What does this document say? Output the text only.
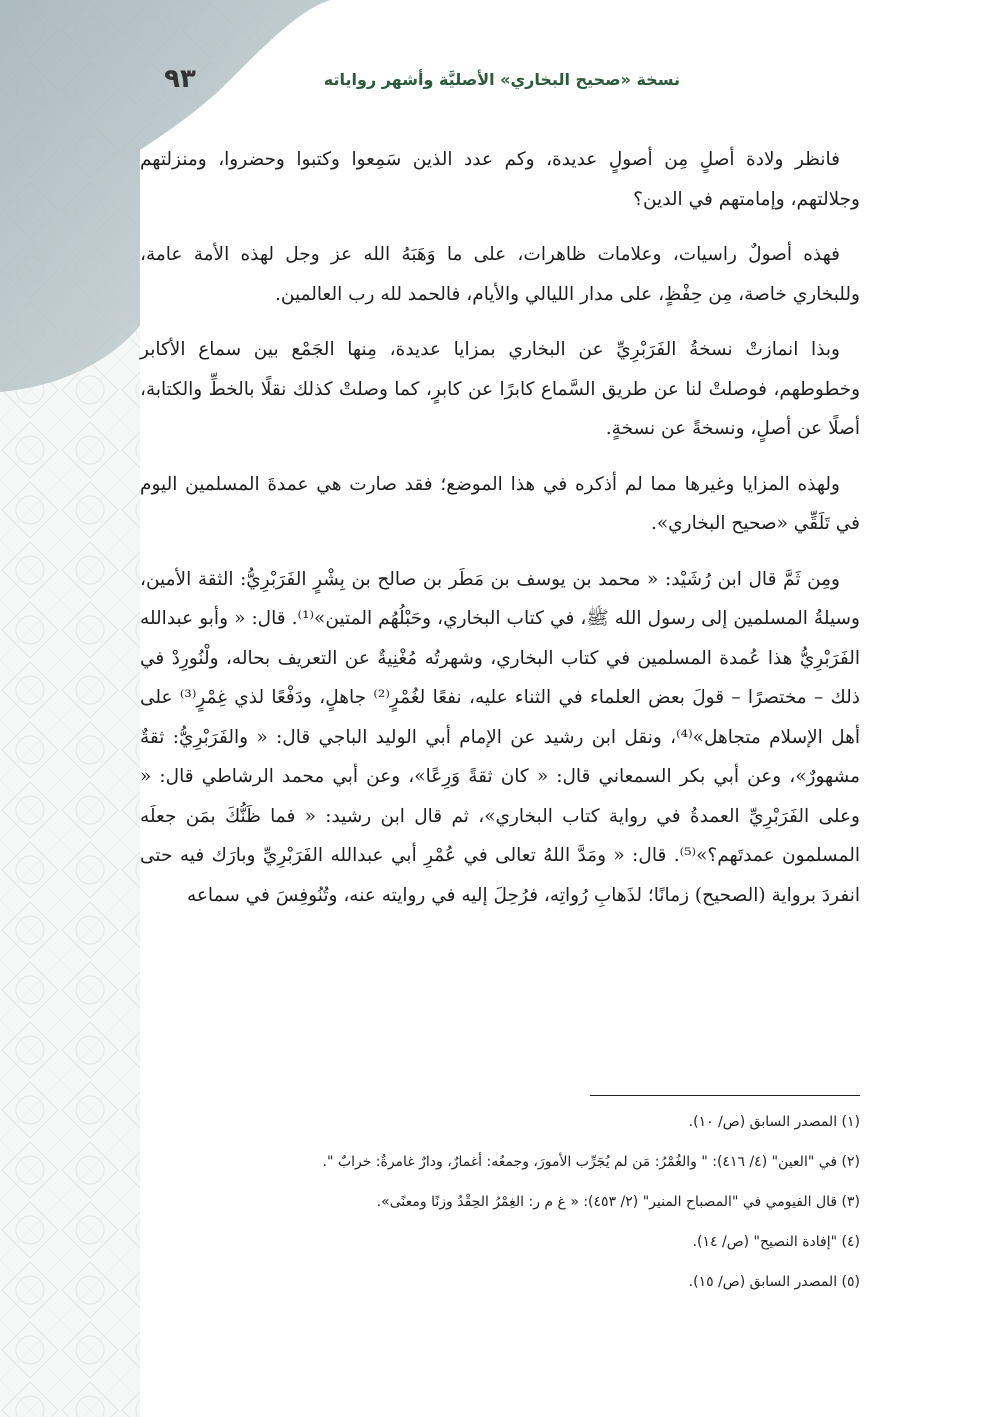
٩٣	نسخة «صحيح البخاري» الأصليَّة وأشهر رواياته

فانظر ولادة أصلٍ مِن أصولٍ عديدة، وكم عدد الذين سَمِعوا وكتبوا وحضروا، ومنزلتهم وجلالتهم، وإمامتهم في الدين؟

فهذه أصولٌ راسيات، وعلامات ظاهرات، على ما وَهَبَهُ الله عز وجل لهذه الأمة عامة، وللبخاري خاصة، مِن حِفْظٍ، على مدار الليالي والأيام، فالحمد لله رب العالمين.

وبذا انمازتْ نسخةُ الفَرَبْرِيِّ عن البخاري بمزايا عديدة، مِنها الجَمْع بين سماع الأكابر وخطوطهم، فوصلتْ لنا عن طريق السَّماع كابرًا عن كابرٍ، كما وصلتْ كذلك نقلًا بالخطِّ والكتابة، أصلًا عن أصلٍ، ونسخةً عن نسخةٍ.

ولهذه المزايا وغيرها مما لم أذكره في هذا الموضع؛ فقد صارت هي عمدةَ المسلمين اليوم في تَلَقِّي «صحيح البخاري».

ومِن ثَمَّ قال ابن رُشَيْد: « محمد بن يوسف بن مَطَر بن صالح بن بِشْرٍ الفَرَبْرِيُّ: الثقة الأمين، وسيلةُ المسلمين إلى رسول الله ﷺ، في كتاب البخاري، وحَبْلُهُم المتين»⁽¹⁾. قال: « وأبو عبدالله الفَرَبْرِيُّ هذا عُمدة المسلمين في كتاب البخاري، وشهرتُه مُغْنِيةٌ عن التعريف بحاله، ولْنُورِدْ في ذلك – مختصرًا – قولَ بعض العلماء في الثناء عليه، نفعًا لغُمْرٍ⁽²⁾ جاهلٍ، ودَفْعًا لذي غِمْرٍ⁽³⁾ على أهل الإسلام متجاهل»⁽⁴⁾، ونقل ابن رشيد عن الإمام أبي الوليد الباجي قال: « والفَرَبْرِيُّ: ثقةٌ مشهورٌ»، وعن أبي بكر السمعاني قال: « كان ثقةً وَرِعًا»، وعن أبي محمد الرشاطي قال: « وعلى الفَرَبْرِيِّ العمدةُ في رواية كتاب البخاري»، ثم قال ابن رشيد: « فما ظَنُّكَ بمَن جعلَه المسلمون عمدتَهم؟»⁽⁵⁾. قال: « ومَدَّ اللهُ تعالى في عُمْرِ أبي عبدالله الفَرَبْرِيِّ وبارَك فيه حتى انفردَ برواية (الصحيح) زمانًا؛ لذَهابِ رُواتِه، فرُحِلَ إليه في روايته عنه، وتُنُوفِسَ في سماعه

(١) المصدر السابق (ص/ ١٠).

(٢) في "العين" (٤/ ٤١٦): " والغُمْرُ: مَن لم يُجَرِّب الأمورَ، وجمعُه: أغمارٌ، ودارٌ غامرةٌ: خرابٌ ".

(٣) قال الفيومي في "المصباح المنير" (٢/ ٤٥٣): « غ م ر: الغِمْرُ الحِقْدُ وزنًا ومعنًى».

(٤) "إفادة النصيح" (ص/ ١٤).

(٥) المصدر السابق (ص/ ١٥).
